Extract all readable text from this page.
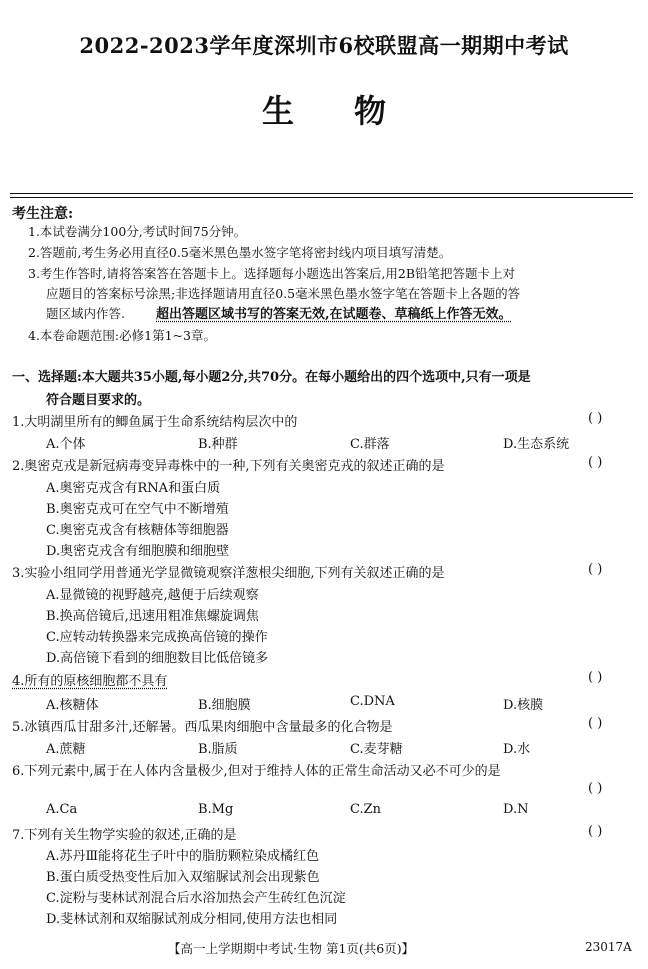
2022-2023学年度深圳市6校联盟高一期期中考试
生物
考生注意:
1.本试卷满分100分,考试时间75分钟。
2.答题前,考生务必用直径0.5毫米黑色墨水签字笔将密封线内项目填写清楚。
3.考生作答时,请将答案答在答题卡上。选择题每小题选出答案后,用2B铅笔把答题卡上对
应题目的答案标号涂黑;非选择题请用直径0.5毫米黑色墨水签字笔在答题卡上各题的答
题区域内作答. 超出答题区域书写的答案无效,在试题卷、草稿纸上作答无效。
4.本卷命题范围:必修1第1~3章。
一、选择题:本大题共35小题,每小题2分,共70分。在每小题给出的四个选项中,只有一项是
符合题目要求的。
1.大明湖里所有的鲫鱼属于生命系统结构层次中的	( )
A.个体	B.种群	C.群落	D.生态系统
2.奥密克戎是新冠病毒变异毒株中的一种,下列有关奥密克戎的叙述正确的是	( )
A.奥密克戎含有RNA和蛋白质
B.奥密克戎可在空气中不断增殖
C.奥密克戎含有核糖体等细胞器
D.奥密克戎含有细胞膜和细胞壁
3.实验小组同学用普通光学显微镜观察洋葱根尖细胞,下列有关叙述正确的是	( )
A.显微镜的视野越亮,越便于后续观察
B.换高倍镜后,迅速用粗准焦螺旋调焦
C.应转动转换器来完成换高倍镜的操作
D.高倍镜下看到的细胞数目比低倍镜多
4.所有的原核细胞都不具有	( )
A.核糖体	B.细胞膜	C.DNA	D.核膜
5.冰镇西瓜甘甜多汁,还解暑。西瓜果肉细胞中含量最多的化合物是	( )
A.蔗糖	B.脂质	C.麦芽糖	D.水
6.下列元素中,属于在人体内含量极少,但对于维持人体的正常生命活动又必不可少的是
( )
A.Ca	B.Mg	C.Zn	D.N
7.下列有关生物学实验的叙述,正确的是	( )
A.苏丹Ⅲ能将花生子叶中的脂肪颗粒染成橘红色
B.蛋白质受热变性后加入双缩脲试剂会出现紫色
C.淀粉与斐林试剂混合后水浴加热会产生砖红色沉淀
D.斐林试剂和双缩脲试剂成分相同,使用方法也相同
【高一上学期期中考试·生物 第1页(共6页)】	23017A
